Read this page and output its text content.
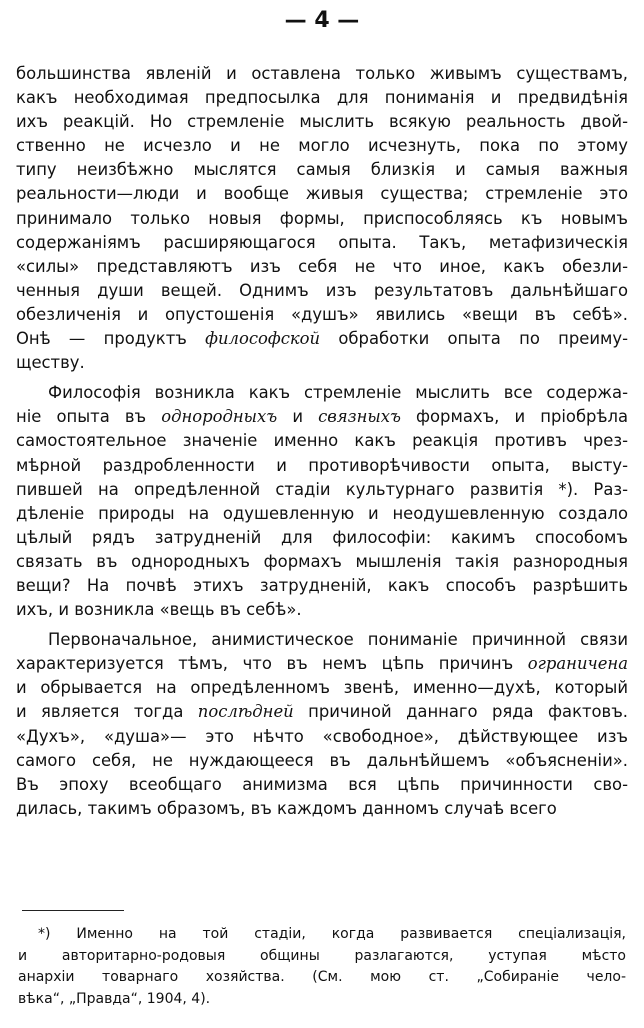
— 4 —
большинства явленій и оставлена только живымъ существамъ,
какъ необходимая предпосылка для пониманія и предвидѣнія
ихъ реакцій. Но стремленіе мыслить всякую реальность двой-
ственно не исчезло и не могло исчезнуть, пока по этому
типу неизбѣжно мыслятся самыя близкія и самыя важныя
реальности—люди и вообще живыя существа; стремленіе это
принимало только новыя формы, приспособляясь къ новымъ
содержаніямъ расширяющагося опыта. Такъ, метафизическія
«силы» представляютъ изъ себя не что иное, какъ обезли-
ченныя души вещей. Однимъ изъ результатовъ дальнѣйшаго
обезличенія и опустошенія «душъ» явились «вещи въ себѣ».
Онѣ — продуктъ философской обработки опыта по преиму-
ществу.
Философія возникла какъ стремленіе мыслить все содержа-
ніе опыта въ однородныхъ и связныхъ формахъ, и пріобрѣла
самостоятельное значеніе именно какъ реакція противъ чрез-
мѣрной раздробленности и противорѣчивости опыта, высту-
пившей на опредѣленной стадіи культурнаго развитія *). Раз-
дѣленіе природы на одушевленную и неодушевленную создало
цѣлый рядъ затрудненій для философіи: какимъ способомъ
связать въ однородныхъ формахъ мышленія такія разнородныя
вещи? На почвѣ этихъ затрудненій, какъ способъ разрѣшить
ихъ, и возникла «вещь въ себѣ».
Первоначальное, анимистическое пониманіе причинной связи
характеризуется тѣмъ, что въ немъ цѣпь причинъ ограничена
и обрывается на опредѣленномъ звенѣ, именно—духѣ, который
и является тогда послѣдней причиной даннаго ряда фактовъ.
«Духъ», «душа»— это нѣчто «свободное», дѣйствующее изъ
самого себя, не нуждающееся въ дальнѣйшемъ «объясненіи».
Въ эпоху всеобщаго анимизма вся цѣпь причинности сво-
дилась, такимъ образомъ, въ каждомъ данномъ случаѣ всего
*) Именно на той стадіи, когда развивается спеціализація,
и авторитарно-родовыя общины разлагаются, уступая мѣсто
анархіи товарнаго хозяйства. (См. мою ст. „Собираніе чело-
вѣка“, „Правда“, 1904, 4).
